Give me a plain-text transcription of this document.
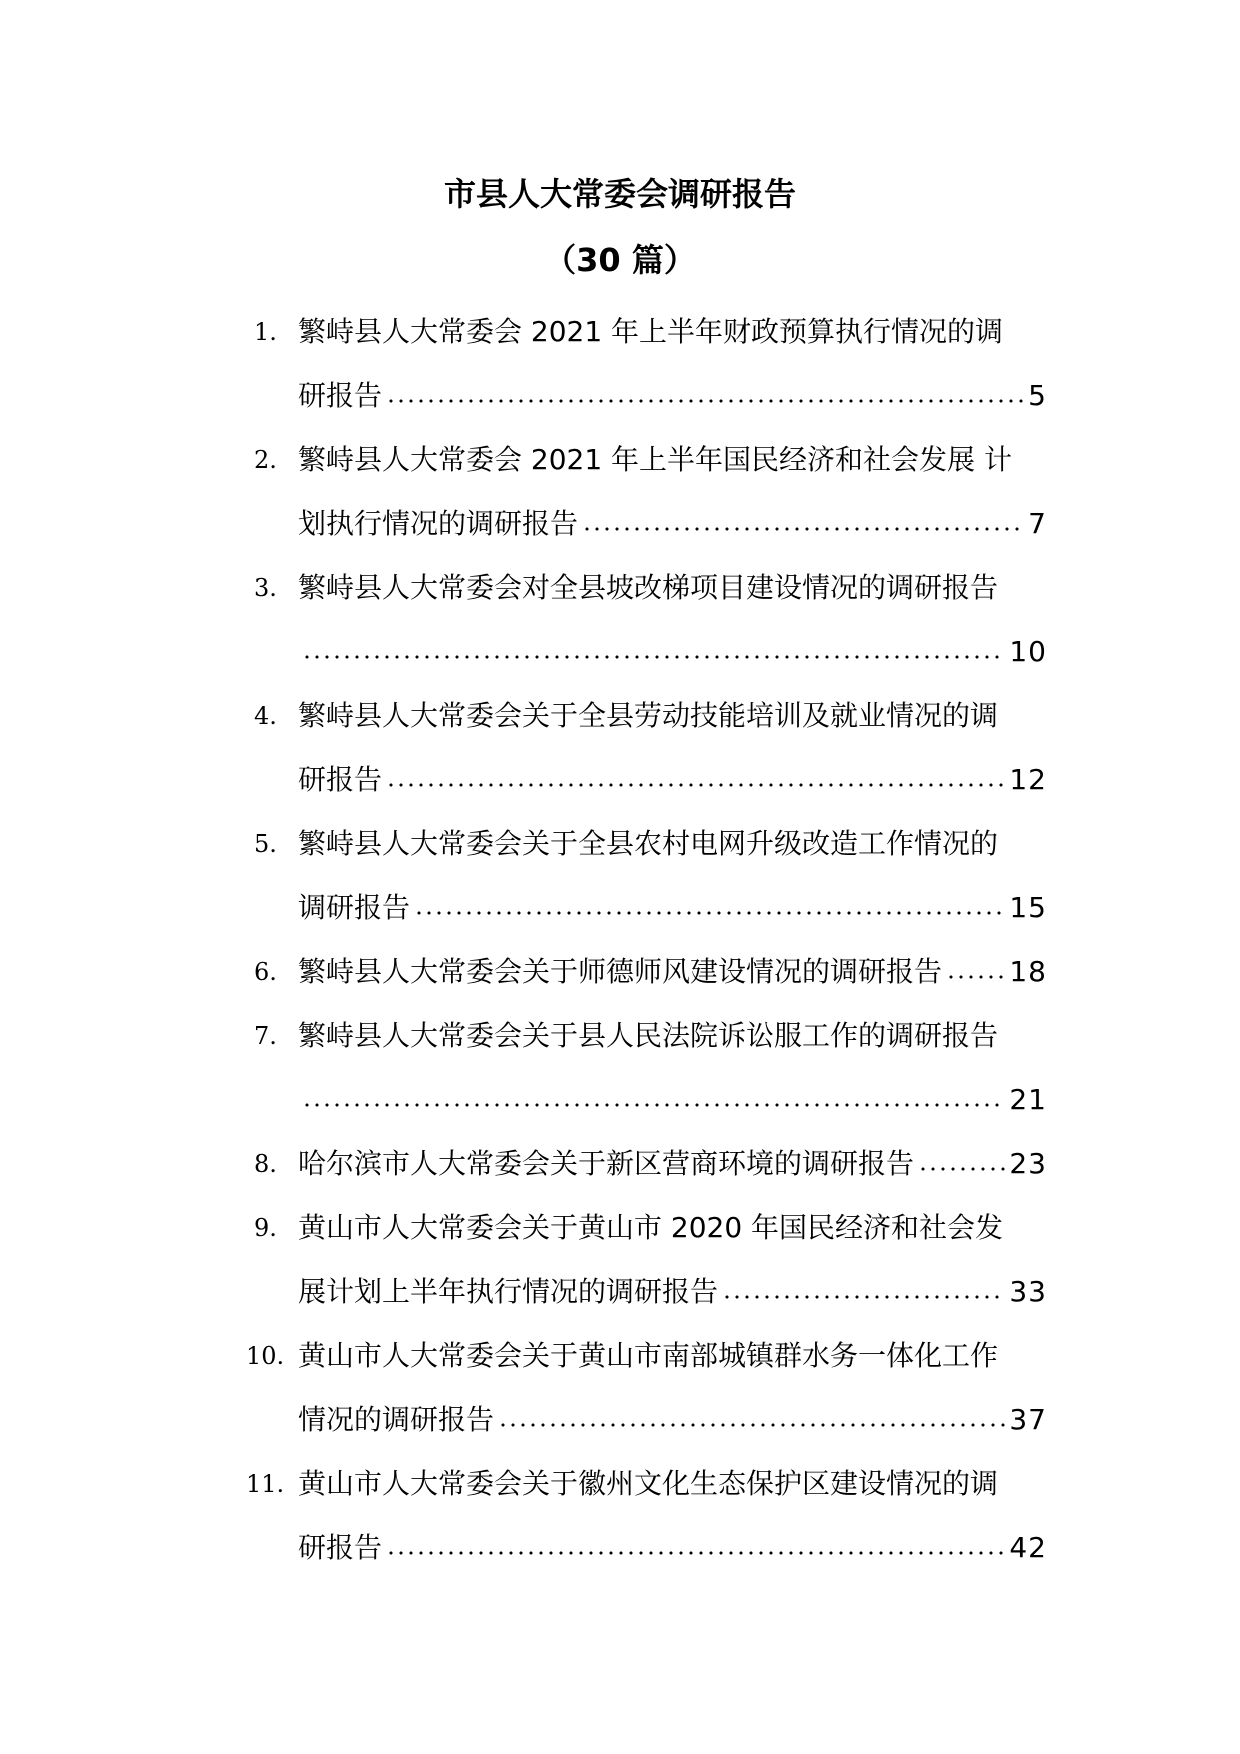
市县人大常委会调研报告
（30 篇）
1. 繁峙县人大常委会 2021 年上半年财政预算执行情况的调
研报告	5
2. 繁峙县人大常委会 2021 年上半年国民经济和社会发展 计
划执行情况的调研报告	7
3. 繁峙县人大常委会对全县坡改梯项目建设情况的调研报告
10
4. 繁峙县人大常委会关于全县劳动技能培训及就业情况的调
研报告	12
5. 繁峙县人大常委会关于全县农村电网升级改造工作情况的
调研报告	15
6. 繁峙县人大常委会关于师德师风建设情况的调研报告 18
7. 繁峙县人大常委会关于县人民法院诉讼服工作的调研报告
21
8. 哈尔滨市人大常委会关于新区营商环境的调研报告	23
9. 黄山市人大常委会关于黄山市 2020 年国民经济和社会发
展计划上半年执行情况的调研报告	33
10. 黄山市人大常委会关于黄山市南部城镇群水务一体化工作
情况的调研报告	37
11. 黄山市人大常委会关于徽州文化生态保护区建设情况的调
研报告	42
